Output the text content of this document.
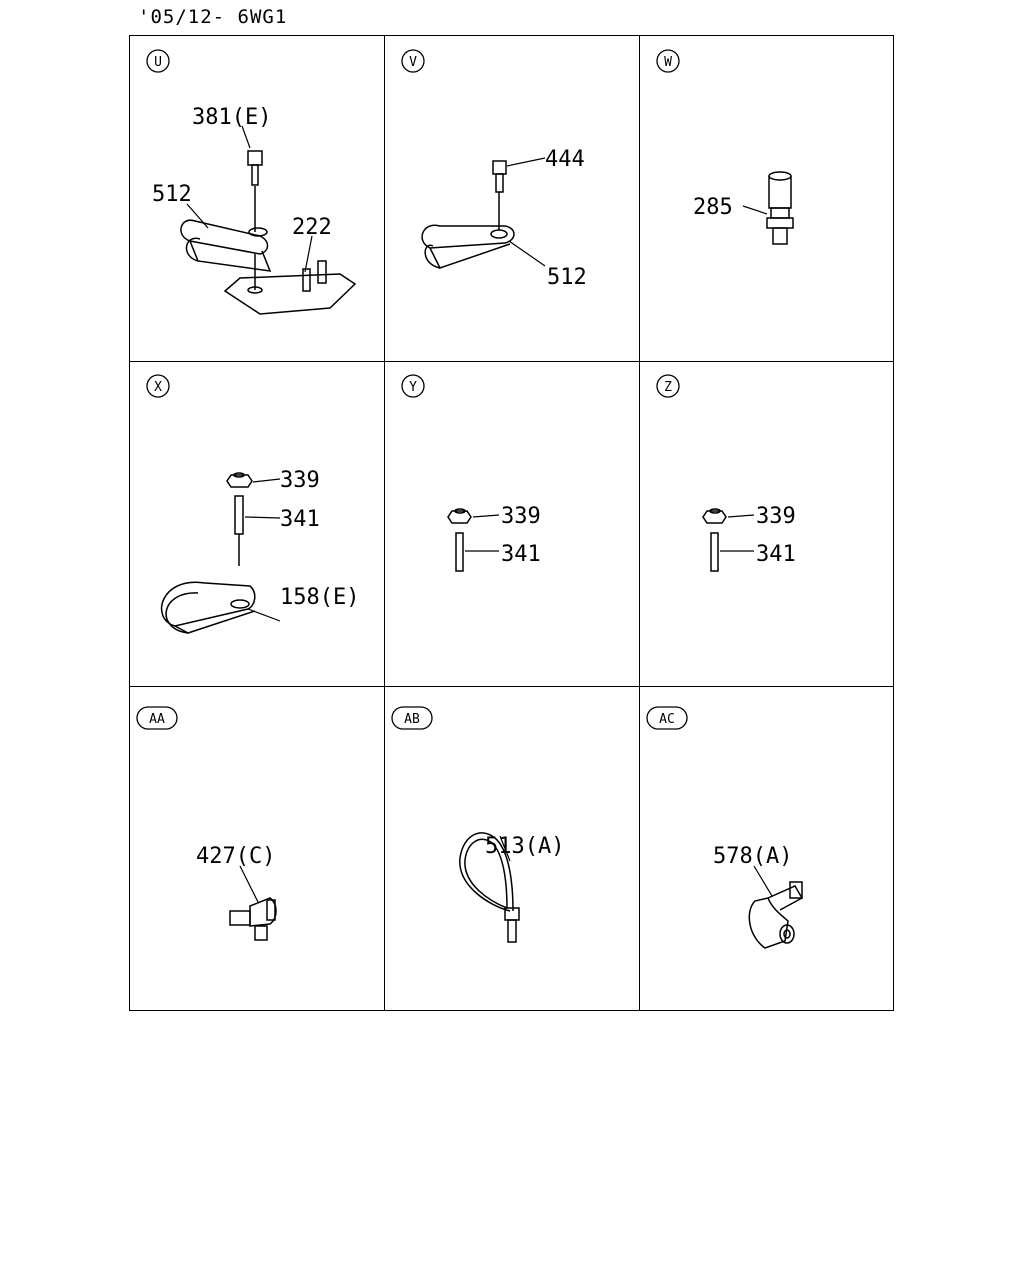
'05/12- 6WG1
U
381(E)
512
222
V
444
512
W
285
X
339
341
158(E)
Y
339
341
Z
339
341
AA
427(C)
AB
513(A)
AC
578(A)
